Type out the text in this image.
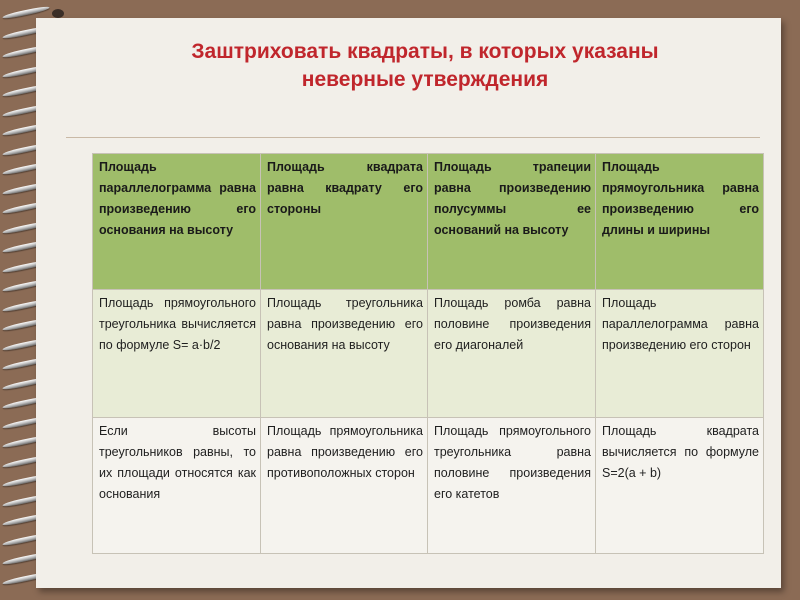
Заштриховать квадраты, в которых указаны
неверные утверждения
Площадь параллелограмма равна произведению его основания на высоту	Площадь квадрата равна квадрату его стороны	Площадь трапеции равна произведению полусуммы ее оснований на высоту	Площадь прямоугольника равна произведению его длины и ширины

Площадь прямоугольного треугольника вычисляется по формуле S= a·b/2	Площадь треугольника равна произведению его основания на высоту	Площадь ромба равна половине произведения его диагоналей	Площадь параллелограмма равна произведению его сторон

Если высоты треугольников равны, то их площади относятся как основания	Площадь прямоугольника равна произведению его противоположных сторон	Площадь прямоугольного треугольника равна половине произведения его катетов	Площадь квадрата вычисляется по формуле S=2(a + b)
